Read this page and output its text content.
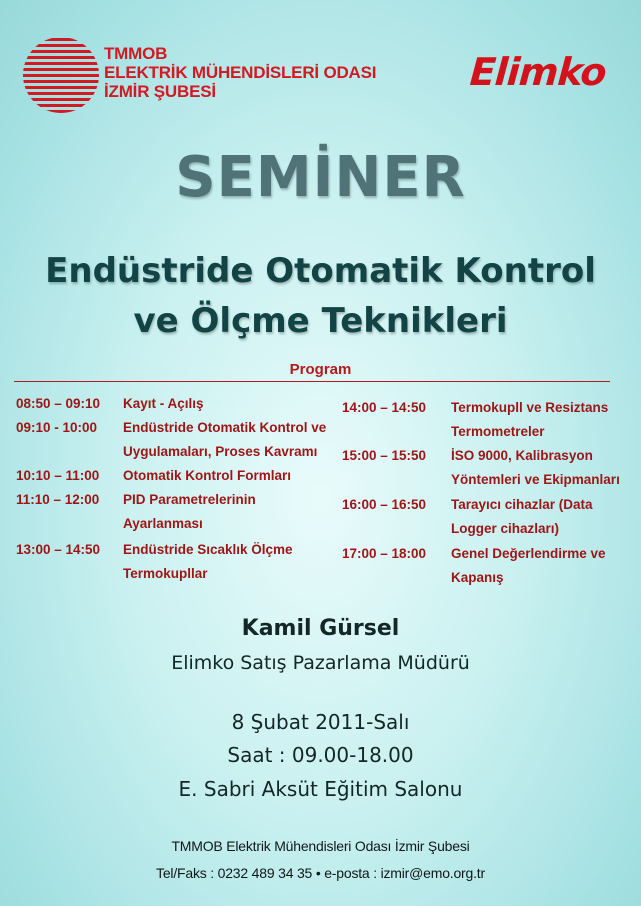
TMMOB
ELEKTRİK MÜHENDİSLERİ ODASI
İZMİR ŞUBESİ	Elimko
SEMİNER
Endüstride Otomatik Kontrol
ve Ölçme Teknikleri
Program
08:50 – 09:10 Kayıt - Açılış
09:10 - 10:00 Endüstride Otomatik Kontrol ve
Uygulamaları, Proses Kavramı
10:10 – 11:00 Otomatik Kontrol Formları
11:10 – 12:00 PID Parametrelerinin
Ayarlanması
13:00 – 14:50 Endüstride Sıcaklık Ölçme
Termokupllar
14:00 – 14:50 Termokupll ve Resiztans
Termometreler
15:00 – 15:50 İSO 9000, Kalibrasyon
Yöntemleri ve Ekipmanları
16:00 – 16:50 Tarayıcı cihazlar (Data
Logger cihazları)
17:00 – 18:00 Genel Değerlendirme ve
Kapanış
Kamil Gürsel
Elimko Satış Pazarlama Müdürü
8 Şubat 2011-Salı
Saat : 09.00-18.00
E. Sabri Aksüt Eğitim Salonu
TMMOB Elektrik Mühendisleri Odası İzmir Şubesi
Tel/Faks : 0232 489 34 35 • e-posta : izmir@emo.org.tr
